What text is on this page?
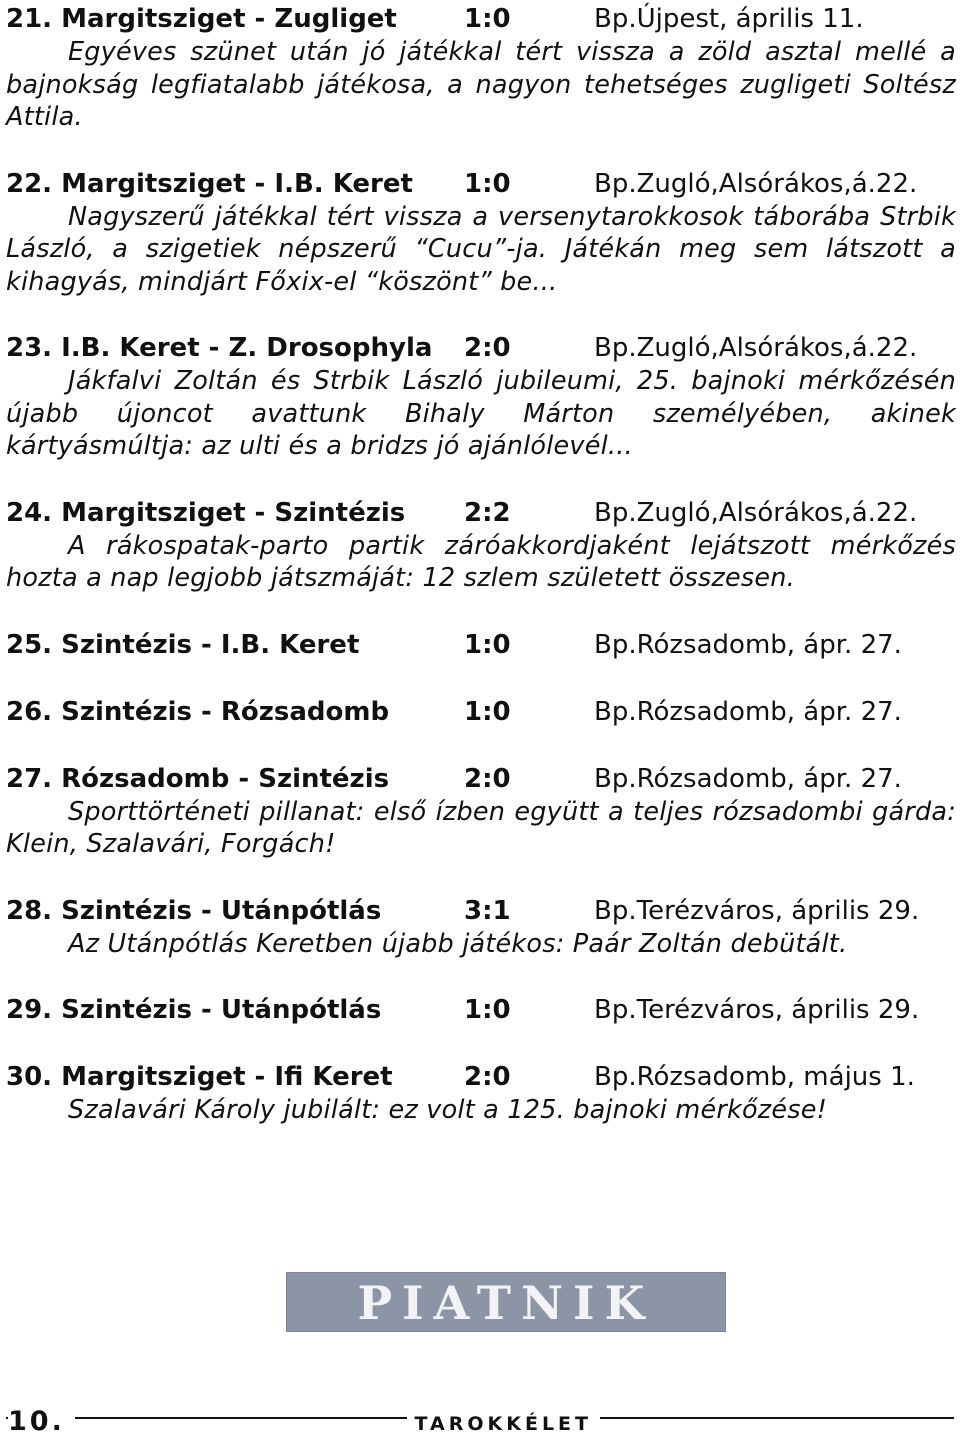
21. Margitsziget - Zugliget	1:0	Bp.Újpest, április 11.
Egyéves szünet után jó játékkal tért vissza a zöld asztal mellé a bajnokság legfiatalabb játékosa, a nagyon tehetséges zugligeti Soltész Attila.
22. Margitsziget - I.B. Keret 1:0	Bp.Zugló,Alsórákos,á.22.
Nagyszerű játékkal tért vissza a versenytarokkosok táborába Strbik László, a szigetiek népszerű “Cucu”-ja. Játékán meg sem látszott a kihagyás, mindjárt Főxix-el “köszönt” be...
23. I.B. Keret - Z. Drosophyla 2:0	Bp.Zugló,Alsórákos,á.22.
Jákfalvi Zoltán és Strbik László jubileumi, 25. bajnoki mérkőzésén újabb újoncot avattunk Bihaly Márton személyében, akinek kártyásmúltja: az ulti és a bridzs jó ajánlólevél...
24. Margitsziget - Szintézis 2:2	Bp.Zugló,Alsórákos,á.22.
A rákospatak-parto partik záróakkordjaként lejátszott mérkőzés hozta a nap legjobb játszmáját: 12 szlem született összesen.
25. Szintézis - I.B. Keret	1:0	Bp.Rózsadomb, ápr. 27.
26. Szintézis - Rózsadomb	1:0	Bp.Rózsadomb, ápr. 27.
27. Rózsadomb - Szintézis	2:0	Bp.Rózsadomb, ápr. 27.
Sporttörténeti pillanat: első ízben együtt a teljes rózsadombi gárda: Klein, Szalavári, Forgách!
28. Szintézis - Utánpótlás	3:1	Bp.Terézváros, április 29.
Az Utánpótlás Keretben újabb játékos: Paár Zoltán debütált.
29. Szintézis - Utánpótlás	1:0	Bp.Terézváros, április 29.
30. Margitsziget - Ifi Keret	2:0	Bp.Rózsadomb, május 1.
Szalavári Károly jubilált: ez volt a 125. bajnoki mérkőzése!
PIATNIK
10.	TAROKKÉLET
